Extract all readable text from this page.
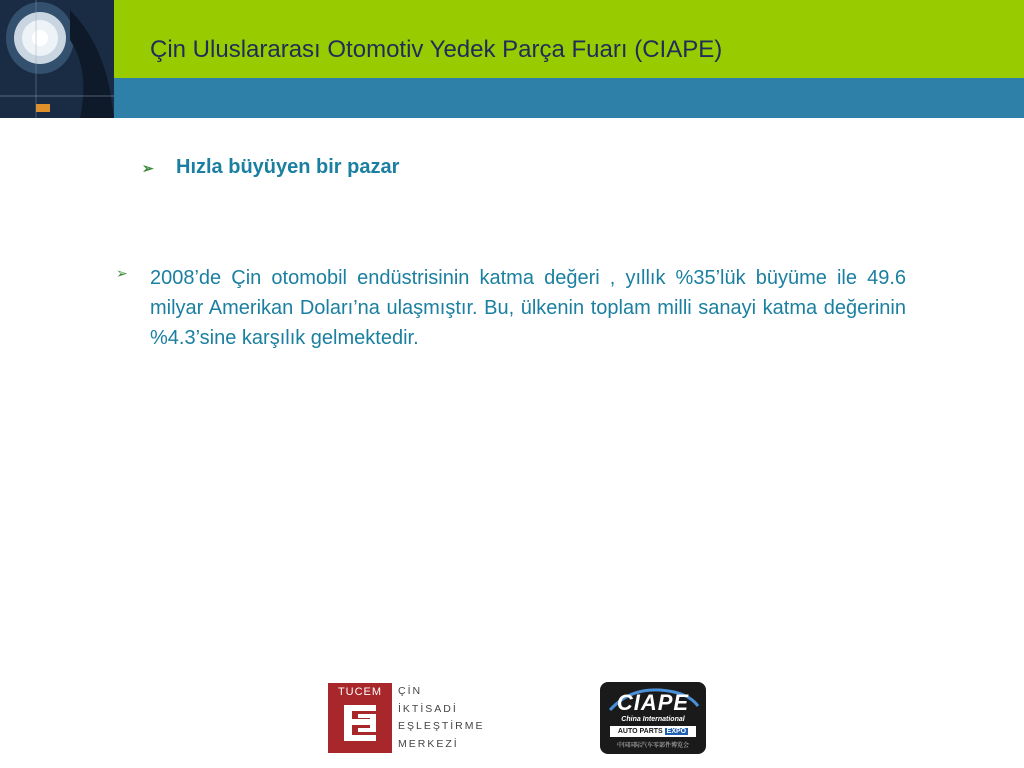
Çin Uluslararası Otomotiv Yedek Parça Fuarı (CIAPE)
➢ Hızla büyüyen bir pazar
➢	2008’de Çin otomobil endüstrisinin katma değeri , yıllık %35’lük büyüme ile 49.6 milyar Amerikan Doları’na ulaşmıştır. Bu, ülkenin toplam milli sanayi katma değerinin %4.3’sine karşılık gelmektedir.
TUCEM	ÇİN
İKTİSADİ
EŞLEŞTİRME
MERKEZİ
CIAPE
China International
AUTO PARTS EXPO
中国国际汽车零部件博览会
